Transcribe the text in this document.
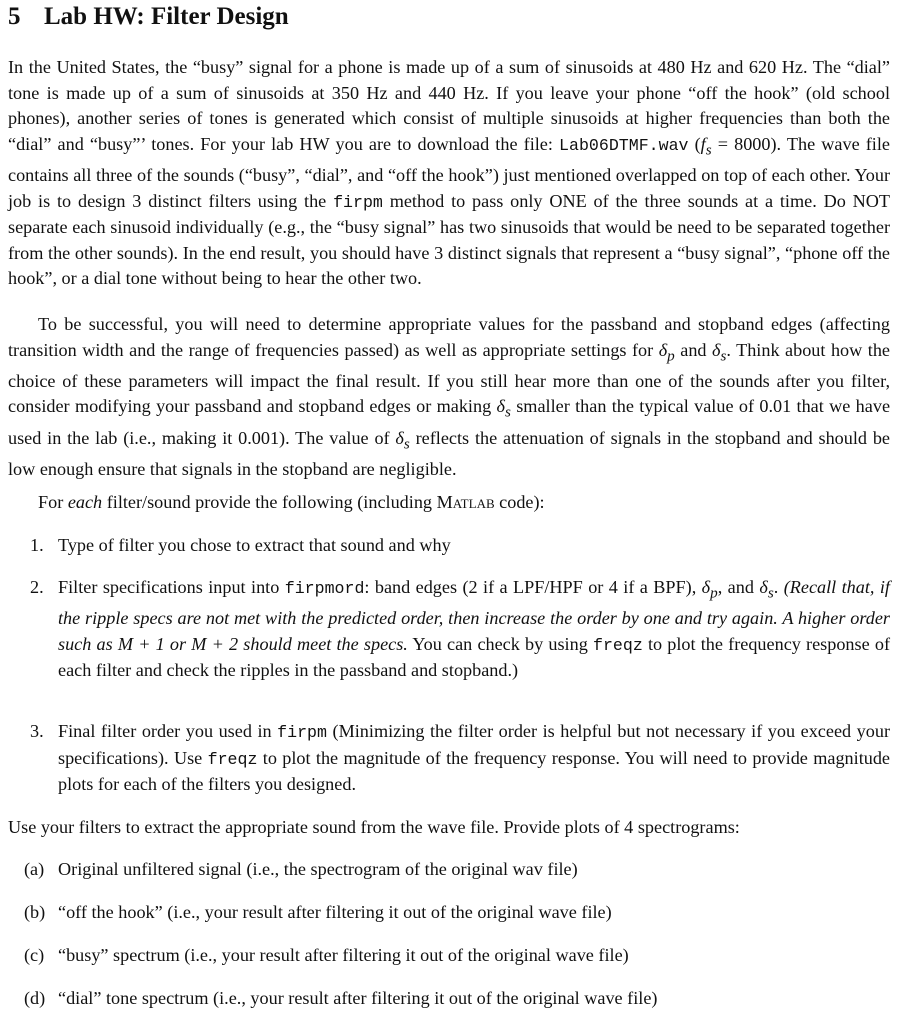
5 Lab HW: Filter Design

In the United States, the “busy” signal for a phone is made up of a sum of sinusoids at 480 Hz and 620 Hz. The “dial” tone is made up of a sum of sinusoids at 350 Hz and 440 Hz. If you leave your phone “off the hook” (old school phones), another series of tones is generated which consist of multiple sinusoids at higher frequencies than both the “dial” and “busy”’ tones. For your lab HW you are to download the file: Lab06DTMF.wav $(f_s = 8000)$. The wave file contains all three of the sounds (“busy”, “dial”, and “off the hook”) just mentioned overlapped on top of each other. Your job is to design 3 distinct filters using the firpm method to pass only ONE of the three sounds at a time. Do NOT separate each sinusoid individually (e.g., the “busy signal” has two sinusoids that would be need to be separated together from the other sounds). In the end result, you should have 3 distinct signals that represent a “busy signal”, “phone off the hook”, or a dial tone without being to hear the other two.

To be successful, you will need to determine appropriate values for the passband and stopband edges (affecting transition width and the range of frequencies passed) as well as appropriate settings for $\delta_p$ and $\delta_s$. Think about how the choice of these parameters will impact the final result. If you still hear more than one of the sounds after you filter, consider modifying your passband and stopband edges or making $\delta_s$ smaller than the typical value of 0.01 that we have used in the lab (i.e., making it 0.001). The value of $\delta_s$ reflects the attenuation of signals in the stopband and should be low enough ensure that signals in the stopband are negligible.

For each filter/sound provide the following (including Matlab code):

1. Type of filter you chose to extract that sound and why
2. Filter specifications input into firpmord: band edges (2 if a LPF/HPF or 4 if a BPF), $\delta_p$, and $\delta_s$. (Recall that, if the ripple specs are not met with the predicted order, then increase the order by one and try again. A higher order such as M + 1 or M + 2 should meet the specs. You can check by using freqz to plot the frequency response of each filter and check the ripples in the passband and stopband.)
3. Final filter order you used in firpm (Minimizing the filter order is helpful but not necessary if you exceed your specifications). Use freqz to plot the magnitude of the frequency response. You will need to provide magnitude plots for each of the filters you designed.

Use your filters to extract the appropriate sound from the wave file. Provide plots of 4 spectrograms:

(a) Original unfiltered signal (i.e., the spectrogram of the original wav file)
(b) “off the hook” (i.e., your result after filtering it out of the original wave file)
(c) “busy” spectrum (i.e., your result after filtering it out of the original wave file)
(d) “dial” tone spectrum (i.e., your result after filtering it out of the original wave file)
